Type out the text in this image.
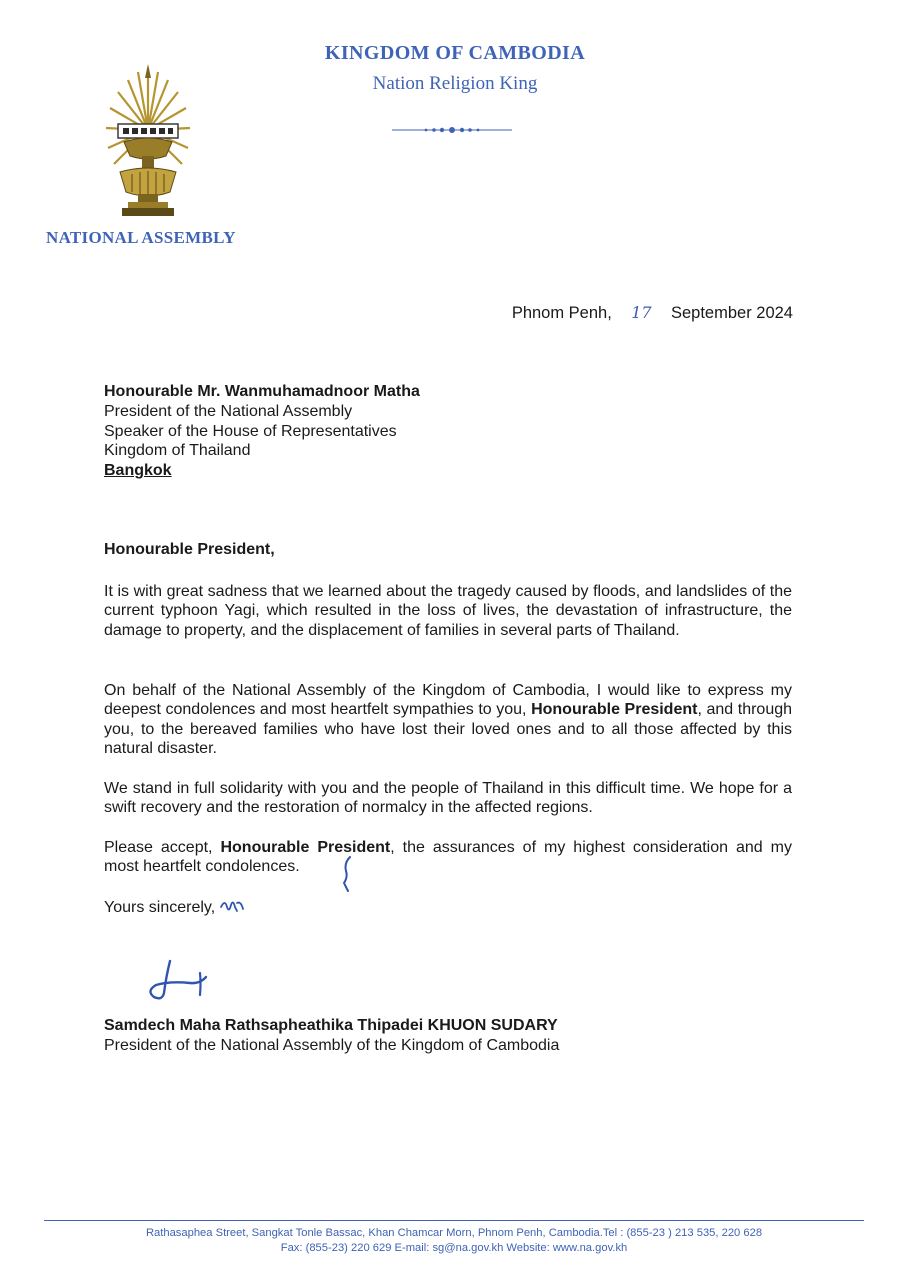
NATIONAL ASSEMBLY
KINGDOM OF CAMBODIA
Nation Religion King
Phnom Penh, 17 September 2024
Honourable Mr. Wanmuhamadnoor Matha
President of the National Assembly
Speaker of the House of Representatives
Kingdom of Thailand
Bangkok
Honourable President,
It is with great sadness that we learned about the tragedy caused by floods, and landslides of the current typhoon Yagi, which resulted in the loss of lives, the devastation of infrastructure, the damage to property, and the displacement of families in several parts of Thailand.
On behalf of the National Assembly of the Kingdom of Cambodia, I would like to express my deepest condolences and most heartfelt sympathies to you, Honourable President, and through you, to the bereaved families who have lost their loved ones and to all those affected by this natural disaster.
We stand in full solidarity with you and the people of Thailand in this difficult time. We hope for a swift recovery and the restoration of normalcy in the affected regions.
Please accept, Honourable President, the assurances of my highest consideration and my most heartfelt condolences.
Yours sincerely,
Samdech Maha Rathsapheathika Thipadei KHUON SUDARY
President of the National Assembly of the Kingdom of Cambodia
Rathasaphea Street, Sangkat Tonle Bassac, Khan Chamcar Morn, Phnom Penh, Cambodia.Tel : (855-23 ) 213 535, 220 628
Fax: (855-23) 220 629 E-mail: sg@na.gov.kh Website: www.na.gov.kh
